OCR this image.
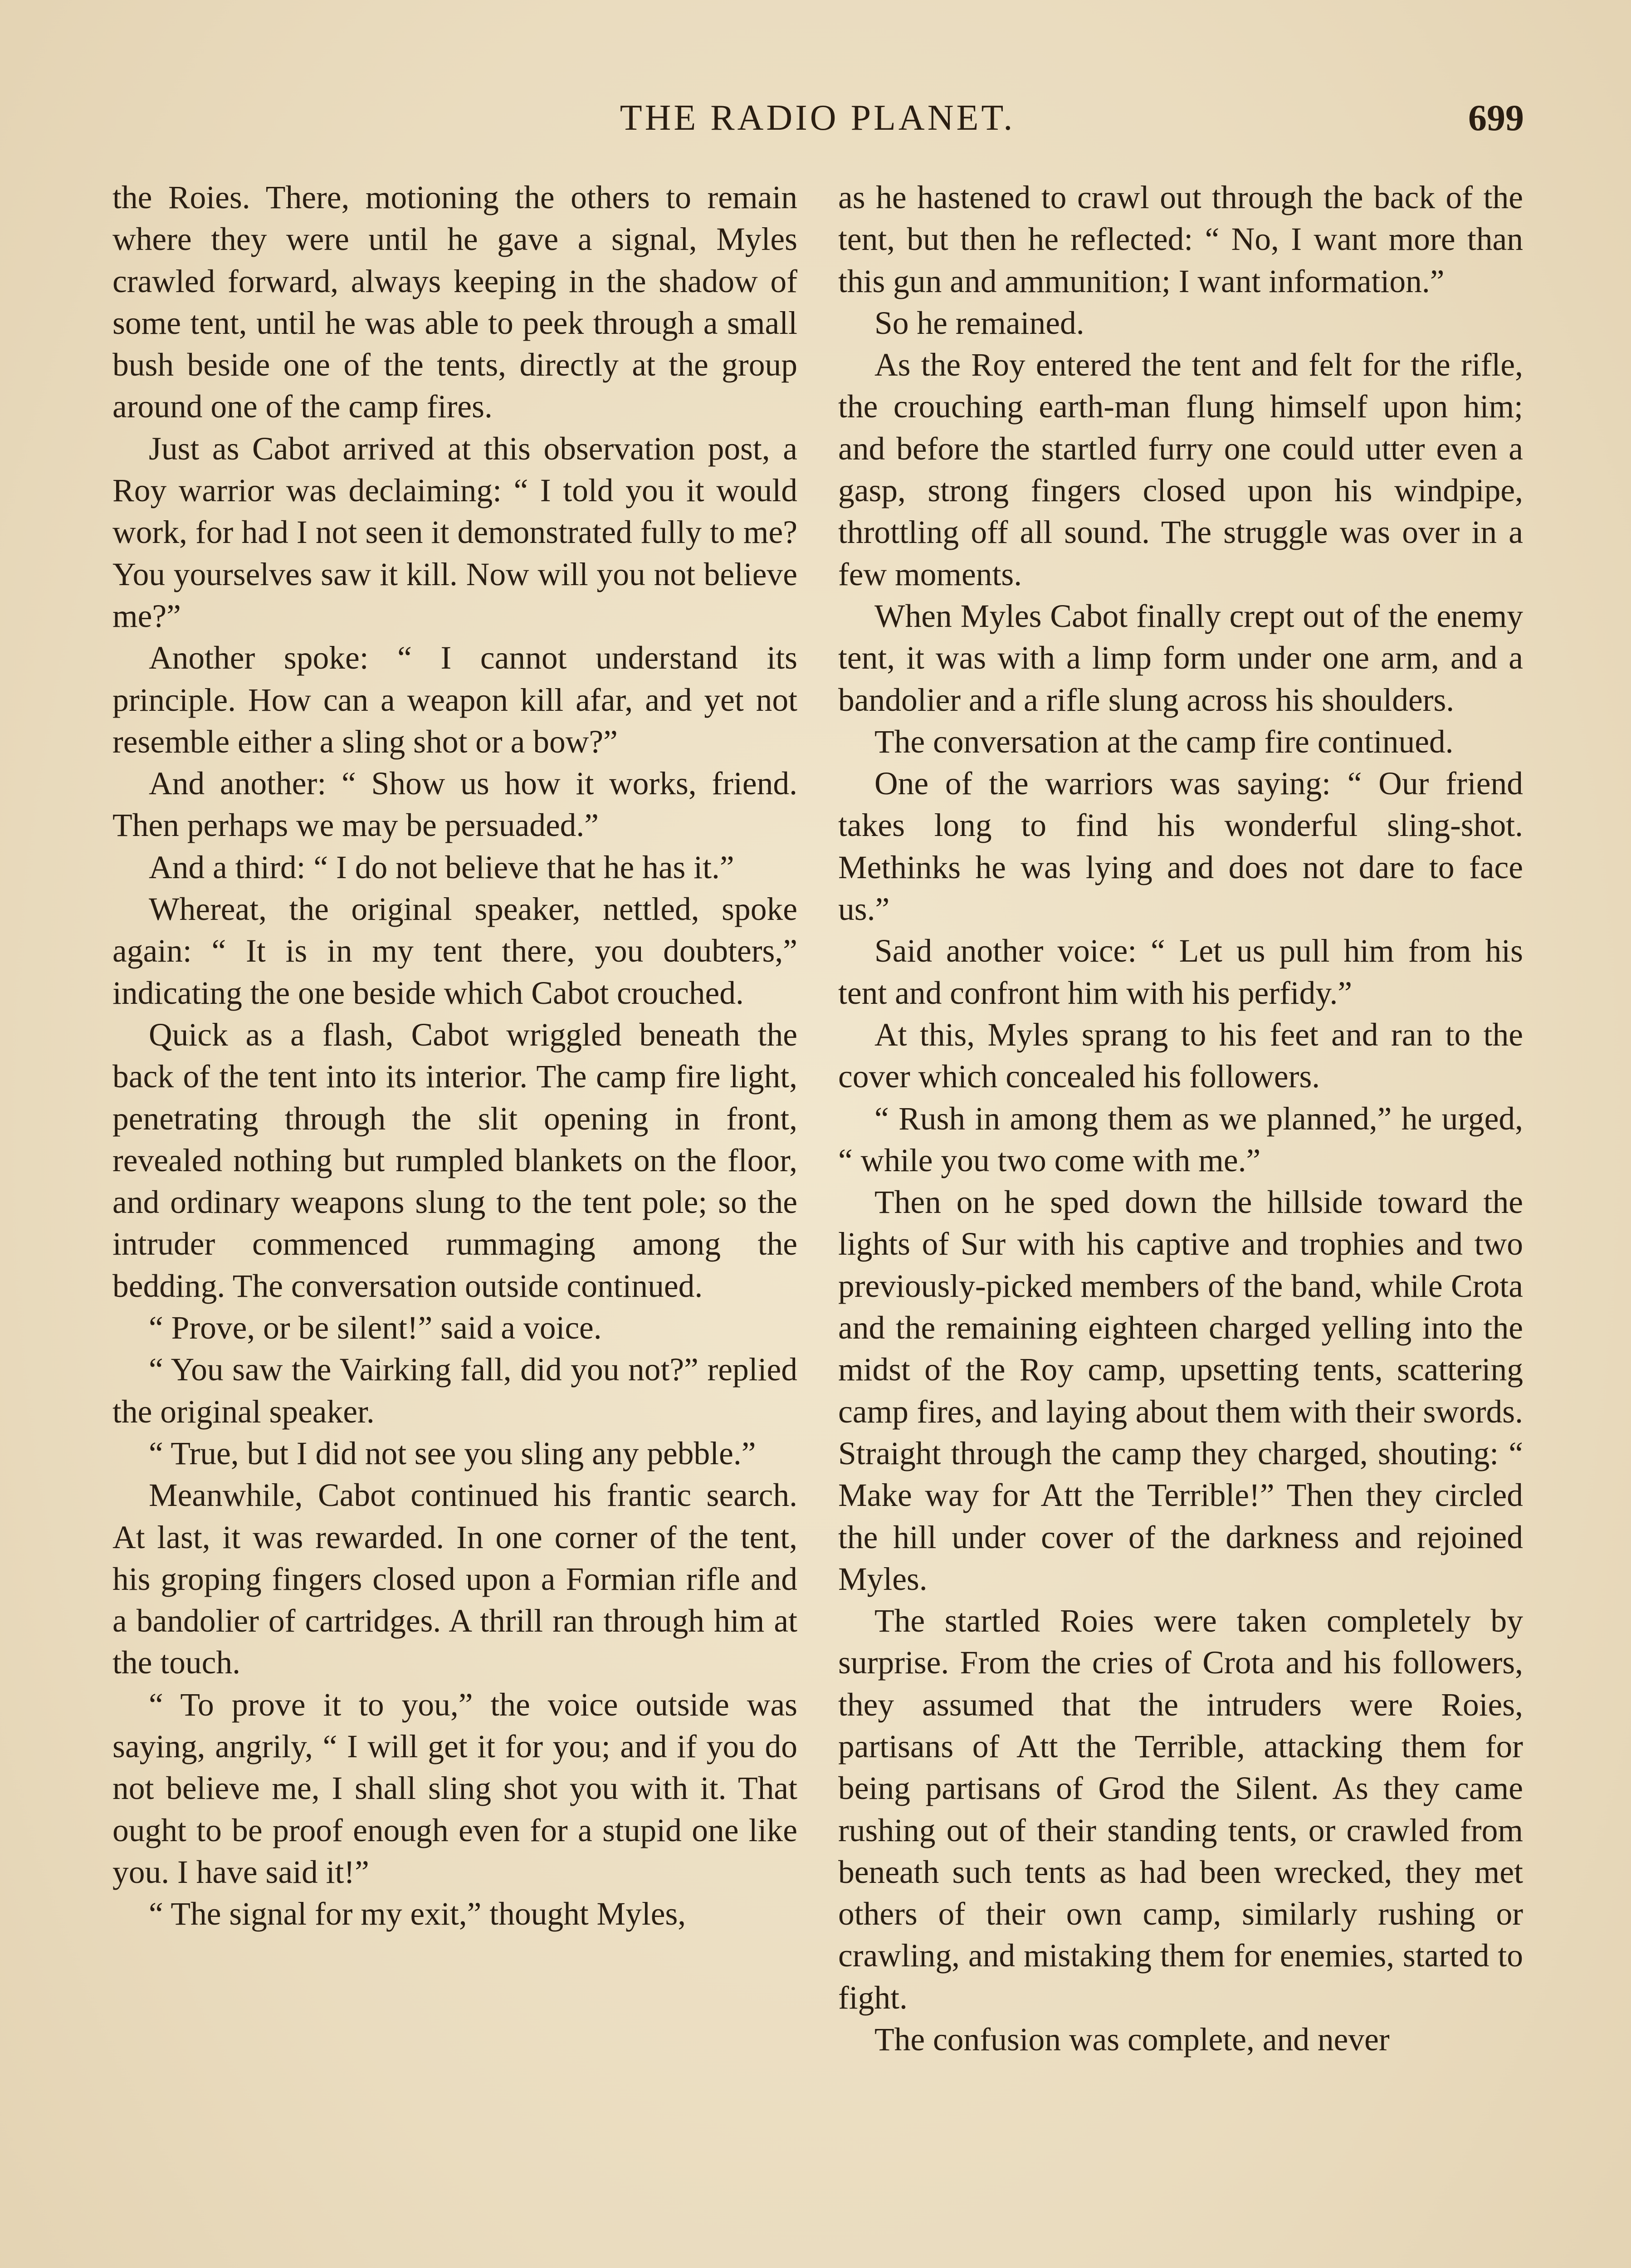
THE RADIO PLANET.	699

the Roies. There, motioning the others to remain where they were until he gave a signal, Myles crawled forward, always keeping in the shadow of some tent, until he was able to peek through a small bush beside one of the tents, directly at the group around one of the camp fires.

Just as Cabot arrived at this observation post, a Roy warrior was declaiming: “ I told you it would work, for had I not seen it demonstrated fully to me? You yourselves saw it kill. Now will you not believe me?”

Another spoke: “ I cannot understand its principle. How can a weapon kill afar, and yet not resemble either a sling shot or a bow?”

And another: “ Show us how it works, friend. Then perhaps we may be persuaded.”

And a third: “ I do not believe that he has it.”

Whereat, the original speaker, nettled, spoke again: “ It is in my tent there, you doubters,” indicating the one beside which Cabot crouched.

Quick as a flash, Cabot wriggled beneath the back of the tent into its interior. The camp fire light, penetrating through the slit opening in front, revealed nothing but rumpled blankets on the floor, and ordinary weapons slung to the tent pole; so the intruder commenced rummaging among the bedding. The conversation outside continued.

“ Prove, or be silent!” said a voice.

“ You saw the Vairking fall, did you not?” replied the original speaker.

“ True, but I did not see you sling any pebble.”

Meanwhile, Cabot continued his frantic search. At last, it was rewarded. In one corner of the tent, his groping fingers closed upon a Formian rifle and a bandolier of cartridges. A thrill ran through him at the touch.

“ To prove it to you,” the voice outside was saying, angrily, “ I will get it for you; and if you do not believe me, I shall sling shot you with it. That ought to be proof enough even for a stupid one like you. I have said it!”

“ The signal for my exit,” thought Myles,

as he hastened to crawl out through the back of the tent, but then he reflected: “ No, I want more than this gun and ammunition; I want information.”

So he remained.

As the Roy entered the tent and felt for the rifle, the crouching earth-man flung himself upon him; and before the startled furry one could utter even a gasp, strong fingers closed upon his windpipe, throttling off all sound. The struggle was over in a few moments.

When Myles Cabot finally crept out of the enemy tent, it was with a limp form under one arm, and a bandolier and a rifle slung across his shoulders.

The conversation at the camp fire continued.

One of the warriors was saying: “ Our friend takes long to find his wonderful sling-shot. Methinks he was lying and does not dare to face us.”

Said another voice: “ Let us pull him from his tent and confront him with his perfidy.”

At this, Myles sprang to his feet and ran to the cover which concealed his followers.

“ Rush in among them as we planned,” he urged, “ while you two come with me.”

Then on he sped down the hillside toward the lights of Sur with his captive and trophies and two previously-picked members of the band, while Crota and the remaining eighteen charged yelling into the midst of the Roy camp, upsetting tents, scattering camp fires, and laying about them with their swords. Straight through the camp they charged, shouting: “ Make way for Att the Terrible!” Then they circled the hill under cover of the darkness and rejoined Myles.

The startled Roies were taken completely by surprise. From the cries of Crota and his followers, they assumed that the intruders were Roies, partisans of Att the Terrible, attacking them for being partisans of Grod the Silent. As they came rushing out of their standing tents, or crawled from beneath such tents as had been wrecked, they met others of their own camp, similarly rushing or crawling, and mistaking them for enemies, started to fight.

The confusion was complete, and never
